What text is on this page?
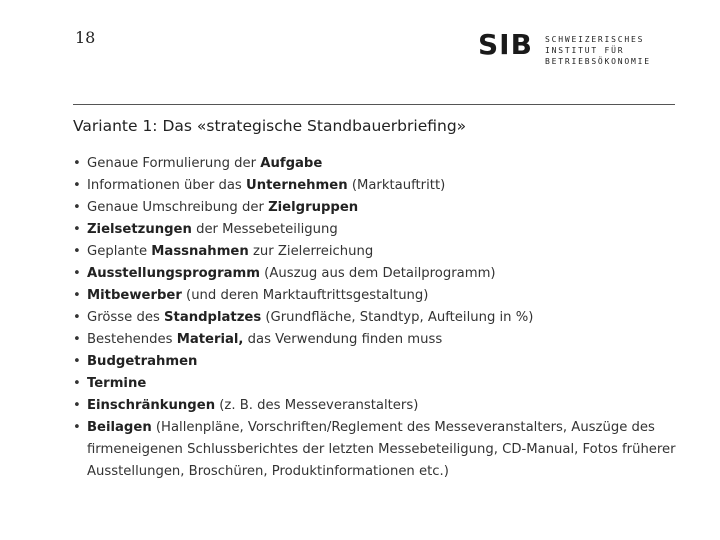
18	SIB SCHWEIZERISCHES
INSTITUT FÜR
BETRIEBSÖKONOMIE
Variante 1: Das «strategische Standbauerbriefing»
• Genaue Formulierung der Aufgabe
• Informationen über das Unternehmen (Marktauftritt)
• Genaue Umschreibung der Zielgruppen
• Zielsetzungen der Messebeteiligung
• Geplante Massnahmen zur Zielerreichung
• Ausstellungsprogramm (Auszug aus dem Detailprogramm)
• Mitbewerber (und deren Marktauftrittsgestaltung)
• Grösse des Standplatzes (Grundfläche, Standtyp, Aufteilung in %)
• Bestehendes Material, das Verwendung finden muss
• Budgetrahmen
• Termine
• Einschränkungen (z. B. des Messeveranstalters)
• Beilagen (Hallenpläne, Vorschriften/Reglement des Messeveranstalters, Auszüge des firmeneigenen Schlussberichtes der letzten Messebeteiligung, CD-Manual, Fotos früherer Ausstellungen, Broschüren, Produktinformationen etc.)
